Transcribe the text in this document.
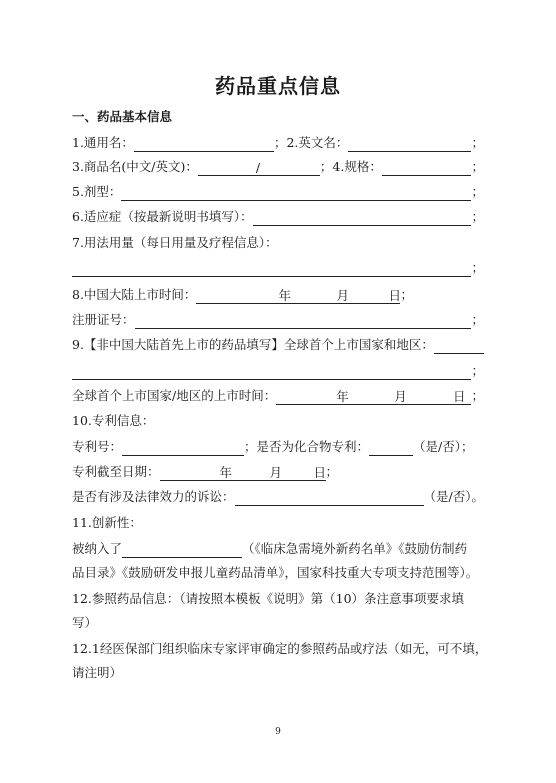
药品重点信息
一、药品基本信息
1.通用名：	；2.英文名：	；
3.商品名(中文/英文)：	/	；4.规格：	；
5.剂型：	；
6.适应症（按最新说明书填写）：	；
7.用法用量（每日用量及疗程信息）：
；
8.中国大陆上市时间：	年	月	日 ；
注册证号：	；
9.【非中国大陆首先上市的药品填写】全球首个上市国家和地区：
；
全球首个上市国家/地区的上市时间：	年	月	日 ；
10.专利信息：
专利号：	；是否为化合物专利：	（是/否）；
专利截至日期：	年	月	日 ；
是否有涉及法律效力的诉讼：	（是/否）。
11.创新性：
被纳入了	（《临床急需境外新药名单》《鼓励仿制药
品目录》《鼓励研发申报儿童药品清单》，国家科技重大专项支持范围等）。
12.参照药品信息：（请按照本模板《说明》第（10）条注意事项要求填
写）
12.1经医保部门组织临床专家评审确定的参照药品或疗法（如无，可不填，
请注明）
9
